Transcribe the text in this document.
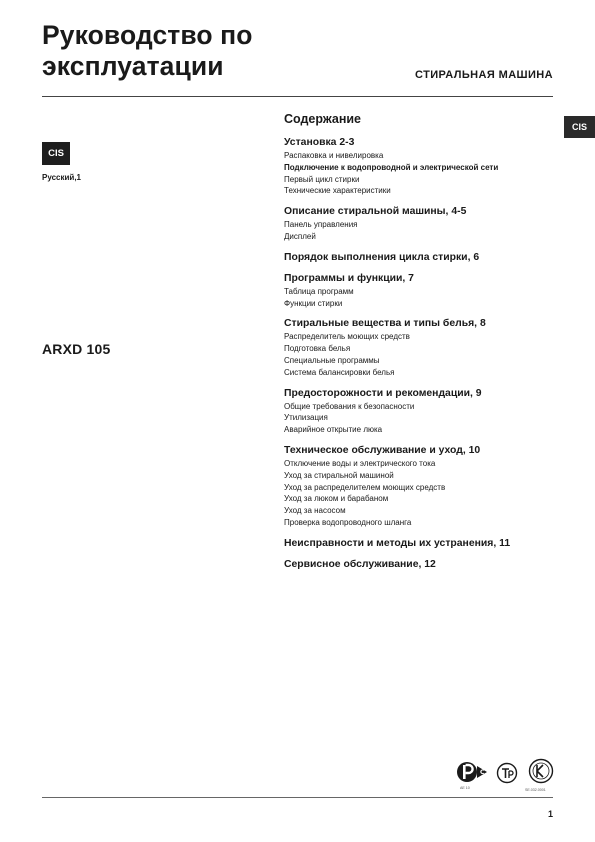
Руководство по
эксплуатации	СТИРАЛЬНАЯ МАШИНА
CIS
CIS
Русский,1
ARXD 105
Содержание
Установка 2-3
Распаковка и нивелировка
Подключение к водопроводной и электрической сети
Первый цикл стирки
Технические характеристики
Описание стиральной машины, 4-5
Панель управления
Дисплей
Порядок выполнения цикла стирки, 6
Программы и функции, 7
Таблица программ
Функции стирки
Стиральные вещества и типы белья, 8
Распределитель моющих средств
Подготовка белья
Специальные программы
Система балансировки белья
Предосторожности и рекомендации, 9
Общие требования к безопасности
Утилизация
Аварийное открытие люка
Техническое обслуживание и уход, 10
Отключение воды и электрического тока
Уход за стиральной машиной
Уход за распределителем моющих средств
Уход за люком и барабаном
Уход за насосом
Проверка водопроводного шланга
Неисправности и методы их устранения, 11
Сервисное обслуживание, 12
C
АЕ 10	SE.032.0001
1
